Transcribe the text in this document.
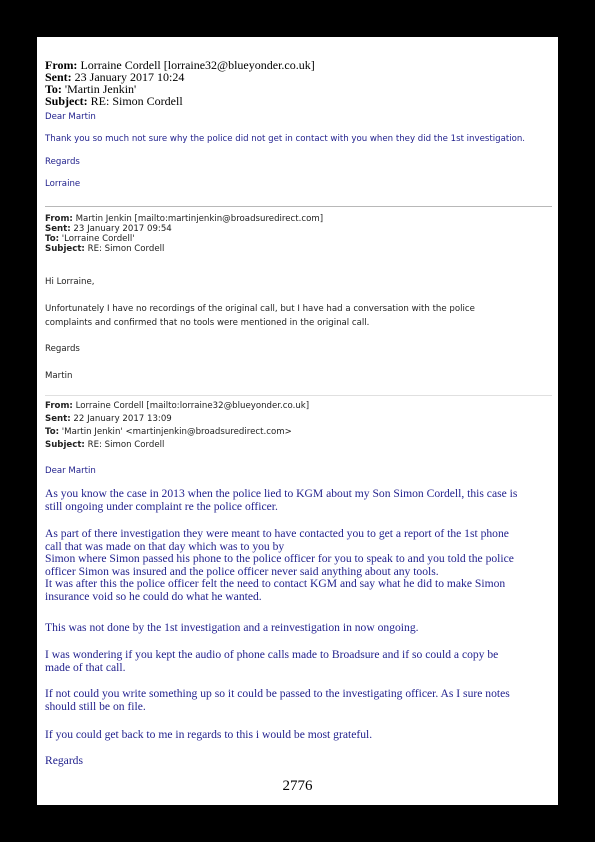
From: Lorraine Cordell [lorraine32@blueyonder.co.uk]
Sent: 23 January 2017 10:24
To: 'Martin Jenkin'
Subject: RE: Simon Cordell
Dear Martin
Thank you so much not sure why the police did not get in contact with you when they did the 1st investigation.
Regards
Lorraine
From: Martin Jenkin [mailto:martinjenkin@broadsuredirect.com]
Sent: 23 January 2017 09:54
To: 'Lorraine Cordell'
Subject: RE: Simon Cordell
Hi Lorraine,
Unfortunately I have no recordings of the original call, but I have had a conversation with the police
complaints and confirmed that no tools were mentioned in the original call.
Regards
Martin
From: Lorraine Cordell [mailto:lorraine32@blueyonder.co.uk]
Sent: 22 January 2017 13:09
To: 'Martin Jenkin' <martinjenkin@broadsuredirect.com>
Subject: RE: Simon Cordell
Dear Martin
As you know the case in 2013 when the police lied to KGM about my Son Simon Cordell, this case is
still ongoing under complaint re the police officer.
As part of there investigation they were meant to have contacted you to get a report of the 1st phone
call that was made on that day which was to you by
Simon where Simon passed his phone to the police officer for you to speak to and you told the police
officer Simon was insured and the police officer never said anything about any tools.
It was after this the police officer felt the need to contact KGM and say what he did to make Simon
insurance void so he could do what he wanted.
This was not done by the 1st investigation and a reinvestigation in now ongoing.
I was wondering if you kept the audio of phone calls made to Broadsure and if so could a copy be
made of that call.
If not could you write something up so it could be passed to the investigating officer. As I sure notes
should still be on file.
If you could get back to me in regards to this i would be most grateful.
Regards
2776
